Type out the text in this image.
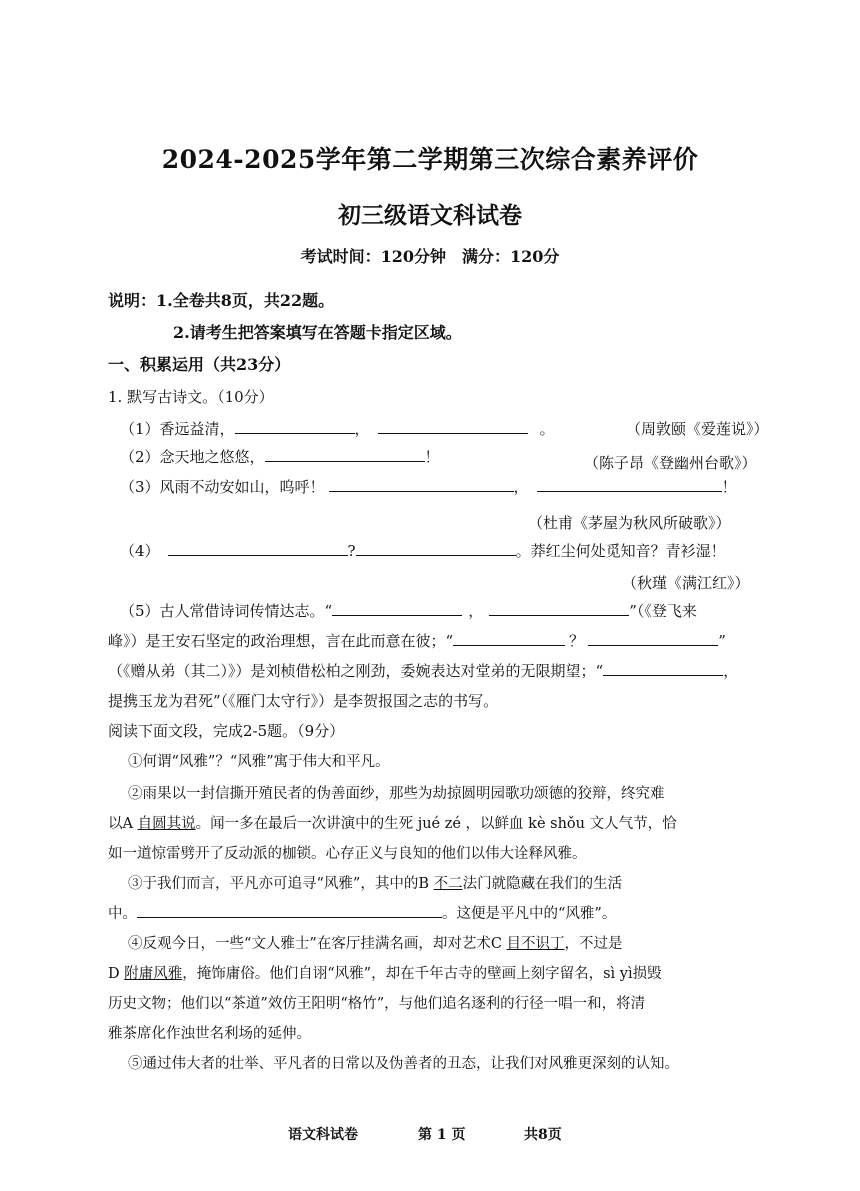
2024-2025学年第二学期第三次综合素养评价
初三级语文科试卷
考试时间：120分钟　满分：120分
说明：1.全卷共8页，共22题。
2.请考生把答案填写在答题卡指定区域。
一、积累运用（共23分）
1. 默写古诗文。（10分）
（1）香远益清，	，	。	（周敦颐《爱莲说》）
（2）念天地之悠悠，	！	（陈子昂《登幽州台歌》）
（3）风雨不动安如山，呜呼！	，	！
（杜甫《茅屋为秋风所破歌》）
（4）	?	。莽红尘何处觅知音？青衫湿！
（秋瑾《满江红》）
（5）古人常借诗词传情达志。“	，	”（《登飞来
峰》）是王安石坚定的政治理想，言在此而意在彼；“	？	”
（《赠从弟（其二）》）是刘桢借松柏之刚劲，委婉表达对堂弟的无限期望；“	，
提携玉龙为君死”（《雁门太守行》）是李贺报国之志的书写。
阅读下面文段，完成2-5题。（9分）
①何谓“风雅”？“风雅”寓于伟大和平凡。
②雨果以一封信撕开殖民者的伪善面纱，那些为劫掠圆明园歌功颂德的狡辩，终究难
以A 自圆其说。闻一多在最后一次讲演中的生死 jué zé ，以鲜血 kè shǒu 文人气节，恰
如一道惊雷劈开了反动派的枷锁。心存正义与良知的他们以伟大诠释风雅。
③于我们而言，平凡亦可追寻“风雅”，其中的B 不二法门就隐藏在我们的生活
中。	。这便是平凡中的“风雅”。
④反观今日，一些“文人雅士”在客厅挂满名画，却对艺术C 目不识丁，不过是
D 附庸风雅，掩饰庸俗。他们自诩“风雅”，却在千年古寺的壁画上刻字留名，sì yì损毁
历史文物；他们以“茶道”效仿王阳明“格竹”，与他们追名逐利的行径一唱一和，将清
雅茶席化作浊世名利场的延伸。
⑤通过伟大者的壮举、平凡者的日常以及伪善者的丑态，让我们对风雅更深刻的认知。
语文科试卷	第 1 页	共8页
